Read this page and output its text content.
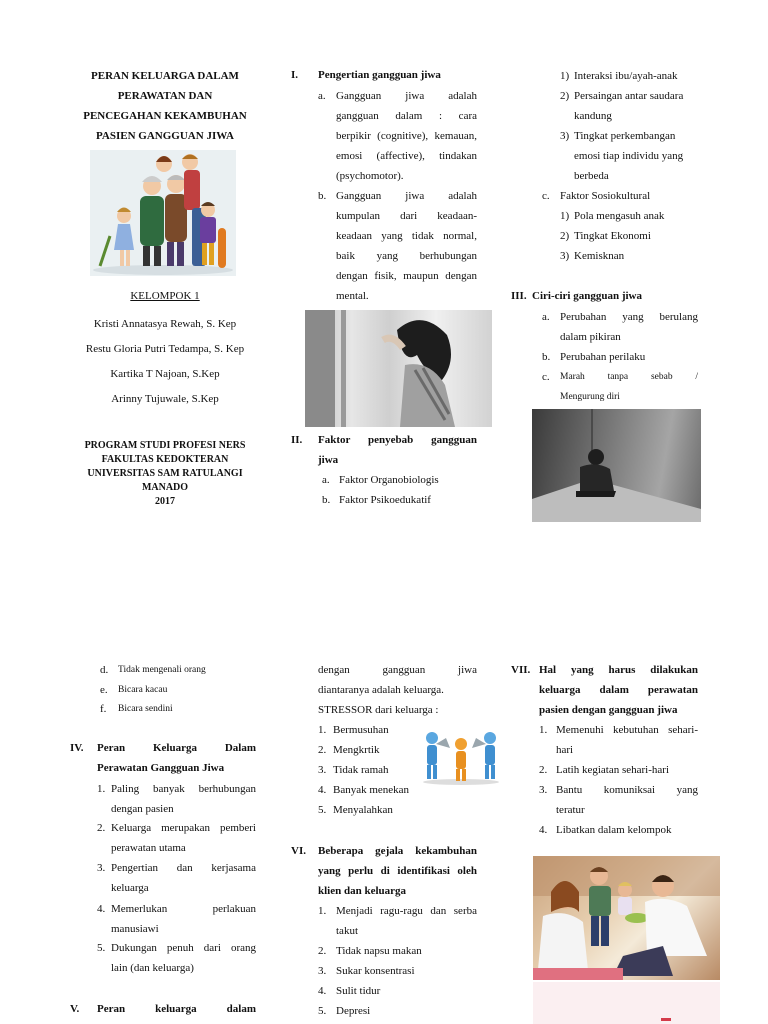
PERAN KELUARGA DALAM
PERAWATAN DAN
PENCEGAHAN KEKAMBUHAN
PASIEN GANGGUAN JIWA
KELOMPOK 1
Kristi Annatasya Rewah, S. Kep
Restu Gloria Putri Tedampa, S. Kep
Kartika T Najoan, S.Kep
Arinny Tujuwale, S.Kep
PROGRAM STUDI PROFESI NERS
FAKULTAS KEDOKTERAN
UNIVERSITAS SAM RATULANGI
MANADO
2017
I. Pengertian gangguan jiwa
a. Gangguan jiwa adalah
gangguan dalam : cara
berpikir (cognitive), kemauan,
emosi (affective), tindakan
(psychomotor).
b. Gangguan jiwa adalah
kumpulan dari keadaan-
keadaan yang tidak normal,
baik yang berhubungan
dengan fisik, maupun dengan
mental.
II. Faktor penyebab gangguan
jiwa
a. Faktor Organobiologis
b. Faktor Psikoedukatif
1) Interaksi ibu/ayah-anak
2) Persaingan antar saudara
kandung
3) Tingkat perkembangan
emosi tiap individu yang
berbeda
c. Faktor Sosiokultural
1) Pola mengasuh anak
2) Tingkat Ekonomi
3) Kemisknan
III. Ciri-ciri gangguan jiwa
a. Perubahan yang berulang
dalam pikiran
b. Perubahan perilaku
c. Marah tanpa sebab /
Mengurung diri
d. Tidak mengenali orang
e. Bicara kacau
f. Bicara sendini
IV. Peran Keluarga Dalam
Perawatan Gangguan Jiwa
1. Paling banyak berhubungan
dengan pasien
2. Keluarga merupakan pemberi
perawatan utama
3. Pengertian dan kerjasama
keluarga
4. Memerlukan perlakuan
manusiawi
5. Dukungan penuh dari orang
lain (dan keluarga)
V. Peran keluarga dalam
dengan gangguan jiwa
diantaranya adalah keluarga.
STRESSOR dari keluarga :
1. Bermusuhan
2. Mengkrtik
3. Tidak ramah
4. Banyak menekan
5. Menyalahkan
VI. Beberapa gejala kekambuhan
yang perlu di identifikasi oleh
klien dan keluarga
1. Menjadi ragu-ragu dan serba
takut
2. Tidak napsu makan
3. Sukar konsentrasi
4. Sulit tidur
5. Depresi
VII. Hal yang harus dilakukan
keluarga dalam perawatan
pasien dengan gangguan jiwa
1. Memenuhi kebutuhan sehari-
hari
2. Latih kegiatan sehari-hari
3. Bantu komuniksai yang
teratur
4. Libatkan dalam kelompok
